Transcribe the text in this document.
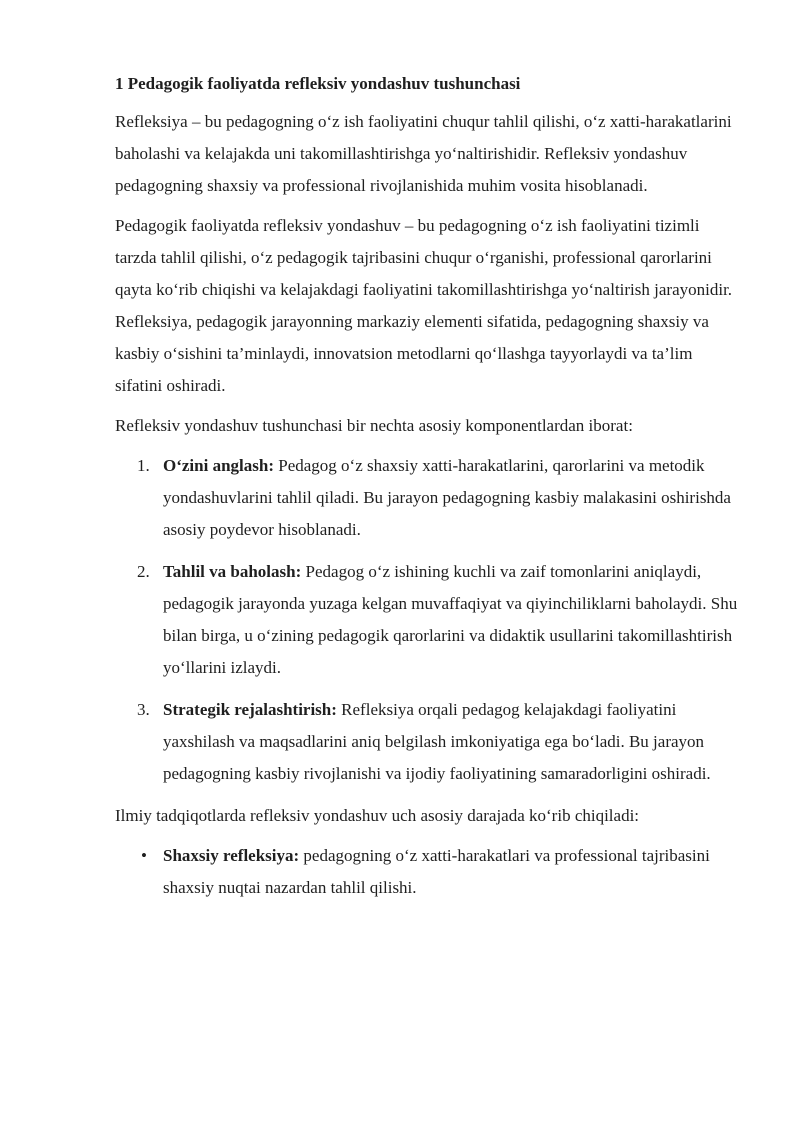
1 Pedagogik faoliyatda refleksiv yondashuv tushunchasi

Refleksiya – bu pedagogning o‘z ish faoliyatini chuqur tahlil qilishi, o‘z xatti-harakatlarini baholashi va kelajakda uni takomillashtirishga yo‘naltirishidir. Refleksiv yondashuv pedagogning shaxsiy va professional rivojlanishida muhim vosita hisoblanadi.

Pedagogik faoliyatda refleksiv yondashuv – bu pedagogning o‘z ish faoliyatini tizimli tarzda tahlil qilishi, o‘z pedagogik tajribasini chuqur o‘rganishi, professional qarorlarini qayta ko‘rib chiqishi va kelajakdagi faoliyatini takomillashtirishga yo‘naltirish jarayonidir. Refleksiya, pedagogik jarayonning markaziy elementi sifatida, pedagogning shaxsiy va kasbiy o‘sishini ta’minlaydi, innovatsion metodlarni qo‘llashga tayyorlaydi va ta’lim sifatini oshiradi.

Refleksiv yondashuv tushunchasi bir nechta asosiy komponentlardan iborat:

1. O‘zini anglash: Pedagog o‘z shaxsiy xatti-harakatlarini, qarorlarini va metodik yondashuvlarini tahlil qiladi. Bu jarayon pedagogning kasbiy malakasini oshirishda asosiy poydevor hisoblanadi.
2. Tahlil va baholash: Pedagog o‘z ishining kuchli va zaif tomonlarini aniqlaydi, pedagogik jarayonda yuzaga kelgan muvaffaqiyat va qiyinchiliklarni baholaydi. Shu bilan birga, u o‘zining pedagogik qarorlarini va didaktik usullarini takomillashtirish yo‘llarini izlaydi.
3. Strategik rejalashtirish: Refleksiya orqali pedagog kelajakdagi faoliyatini yaxshilash va maqsadlarini aniq belgilash imkoniyatiga ega bo‘ladi. Bu jarayon pedagogning kasbiy rivojlanishi va ijodiy faoliyatining samaradorligini oshiradi.

Ilmiy tadqiqotlarda refleksiv yondashuv uch asosiy darajada ko‘rib chiqiladi:

• Shaxsiy refleksiya: pedagogning o‘z xatti-harakatlari va professional tajribasini shaxsiy nuqtai nazardan tahlil qilishi.
